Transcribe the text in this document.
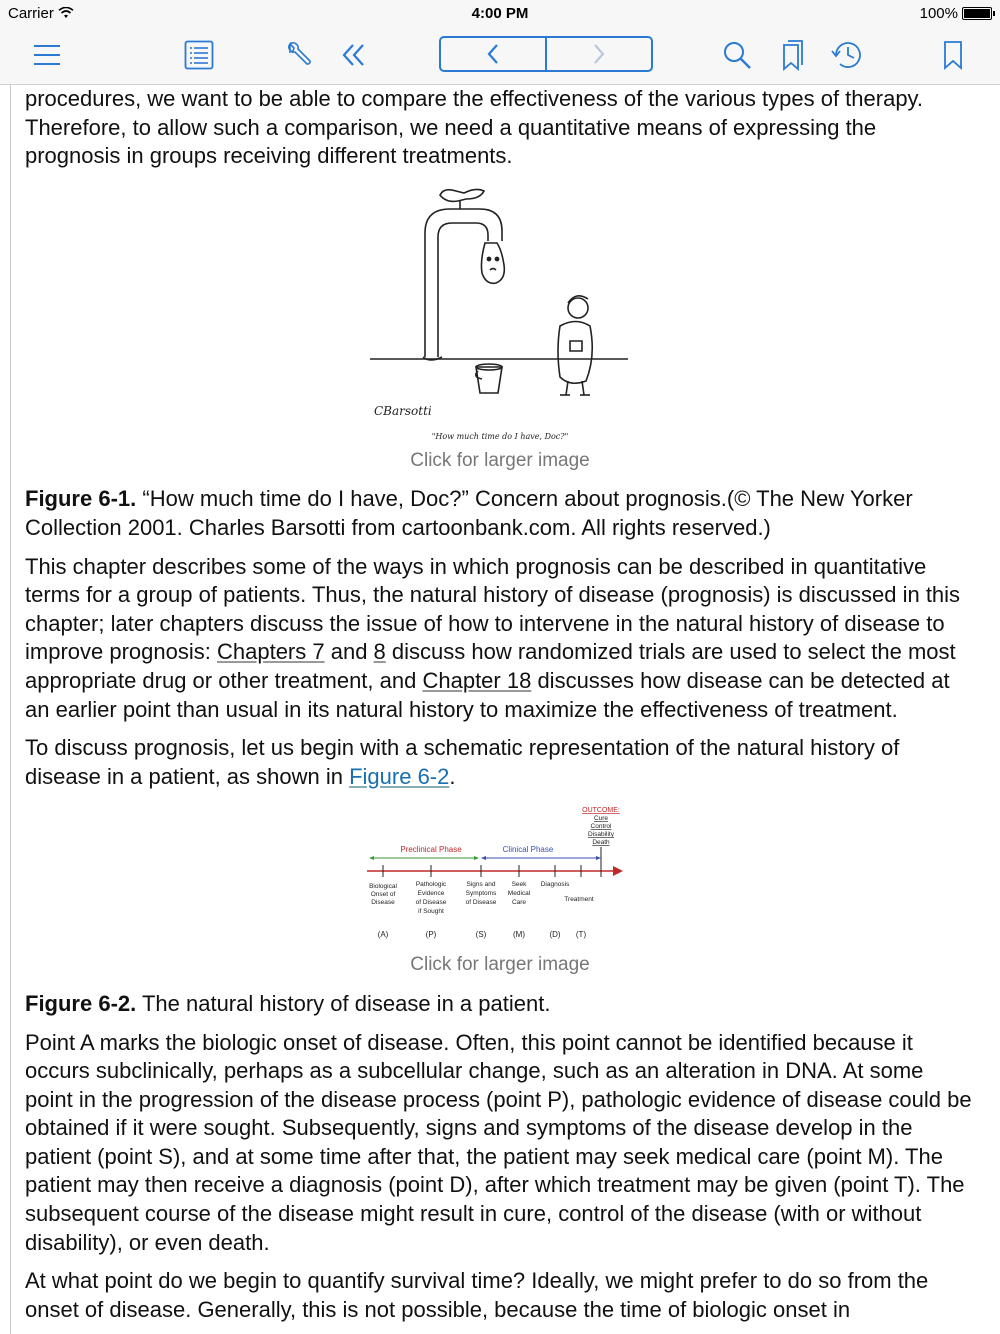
Carrier	4:00 PM	100%

procedures, we want to be able to compare the effectiveness of the various types of therapy. Therefore, to allow such a comparison, we need a quantitative means of expressing the prognosis in groups receiving different treatments.

CBarsotti
"How much time do I have, Doc?"

Click for larger image

Figure 6-1. “How much time do I have, Doc?” Concern about prognosis.(© The New Yorker Collection 2001. Charles Barsotti from cartoonbank.com. All rights reserved.)

This chapter describes some of the ways in which prognosis can be described in quantitative terms for a group of patients. Thus, the natural history of disease (prognosis) is discussed in this chapter; later chapters discuss the issue of how to intervene in the natural history of disease to improve prognosis: Chapters 7 and 8 discuss how randomized trials are used to select the most appropriate drug or other treatment, and Chapter 18 discusses how disease can be detected at an earlier point than usual in its natural history to maximize the effectiveness of treatment.

To discuss prognosis, let us begin with a schematic representation of the natural history of disease in a patient, as shown in Figure 6-2.

OUTCOME:
Cure
Control
Disability
Death
Preclinical Phase	Clinical Phase
Biological
Onset of
Disease
Pathologic
Evidence
of Disease
if Sought
Signs and
Symptoms
of Disease
Seek
Medical
Care
Diagnosis
Treatment
(A)	(P)	(S)	(M)	(D) (T)

Click for larger image

Figure 6-2. The natural history of disease in a patient.

Point A marks the biologic onset of disease. Often, this point cannot be identified because it occurs subclinically, perhaps as a subcellular change, such as an alteration in DNA. At some point in the progression of the disease process (point P), pathologic evidence of disease could be obtained if it were sought. Subsequently, signs and symptoms of the disease develop in the patient (point S), and at some time after that, the patient may seek medical care (point M). The patient may then receive a diagnosis (point D), after which treatment may be given (point T). The subsequent course of the disease might result in cure, control of the disease (with or without disability), or even death.

At what point do we begin to quantify survival time? Ideally, we might prefer to do so from the onset of disease. Generally, this is not possible, because the time of biologic onset in
